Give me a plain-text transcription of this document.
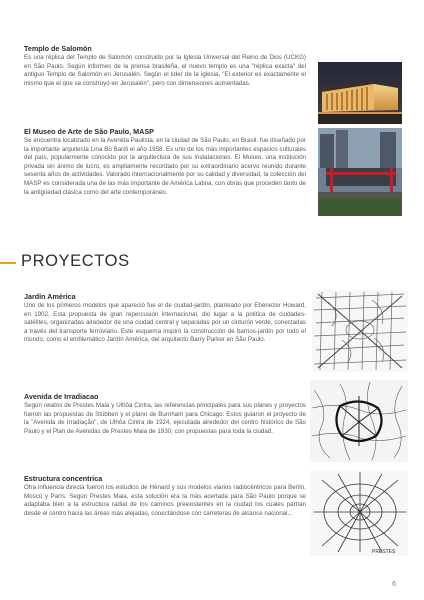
Templo de Salomón

Es una réplica del Templo de Salomón construido por la Iglesia Universal del Reino de Dios (UCKG) en São Paulo. Según informes de la prensa brasileña, el nuevo templo es una "réplica exacta" del antiguo Templo de Salomón en Jerusalén. Según el líder de la iglesia, "El exterior es exactamente el mismo que el que se construyó en Jerusalén", pero con dimensiones aumentadas.

El Museo de Arte de São Paulo, MASP

Se encuentra localizado en la Avenida Paulista, en la ciudad de São Paulo, en Brasil. fue diseñado por la importante arquitecta Lina Bo Bardi el año 1958. Es uno de los más importantes espacios culturales del país, popularmente conocido por la arquitectura de sus instalaciones. El Museo, una institución privada sin ánimo de lucro, es ampliamente recordado por su extraordinario acervo reunido durante sesenta años de actividades. Valorado internacionalmente por su calidad y diversidad, la colección del MASP es considerada una de las más importante de América Latina, con obras que proceden tanto de la antigüedad clásica como del arte contemporáneo.

PROYECTOS
Jardín América

Uno de los primeros modelos que apareció fue el de ciudad-jardín, planteado por Ebenezer Howard, en 1902. Esta propuesta de gran repercusión internacional, dio lugar a la política de ciudades-satélites, organizadas alrededor de una ciudad central y separadas por un cinturón verde, conectadas a través del transporte ferroviario. Este esquema inspiró la construcción de barrios-jardín por todo el mundo, como el emblemático Jardín América, del arquitecto Barry Parker en São Paulo.

Avenida de Irradiacao

Según relatos de Prestes Maia y Ulhôa Cintra, las referencias principales para sus planes y proyectos fueron las propuestas de Stübben y el plano de Burnham para Chicago. Estos guiaron el proyecto de la "Avenida de Irradiação", de Ulhôa Cintra de 1924, ejecutada alrededor del centro histórico de São Paulo y el Plan de Avenidas de Prestes Maia de 1930, con propuestas para toda la ciudad.

Estructura concentrica

Otra influencia directa fueron los estudios de Hénard y sus modelos viarios radiocéntricos para Berlín, Moscú y París. Según Prestes Maia, esta solución era la más acertada para São Paulo porque se adaptaba bien a la estructura radial de los caminos preexistentes en la ciudad los cuales partían desde el centro hacia las áreas más alejadas, conectándose con carreteras de alcance nacional...

PRESTES
6
